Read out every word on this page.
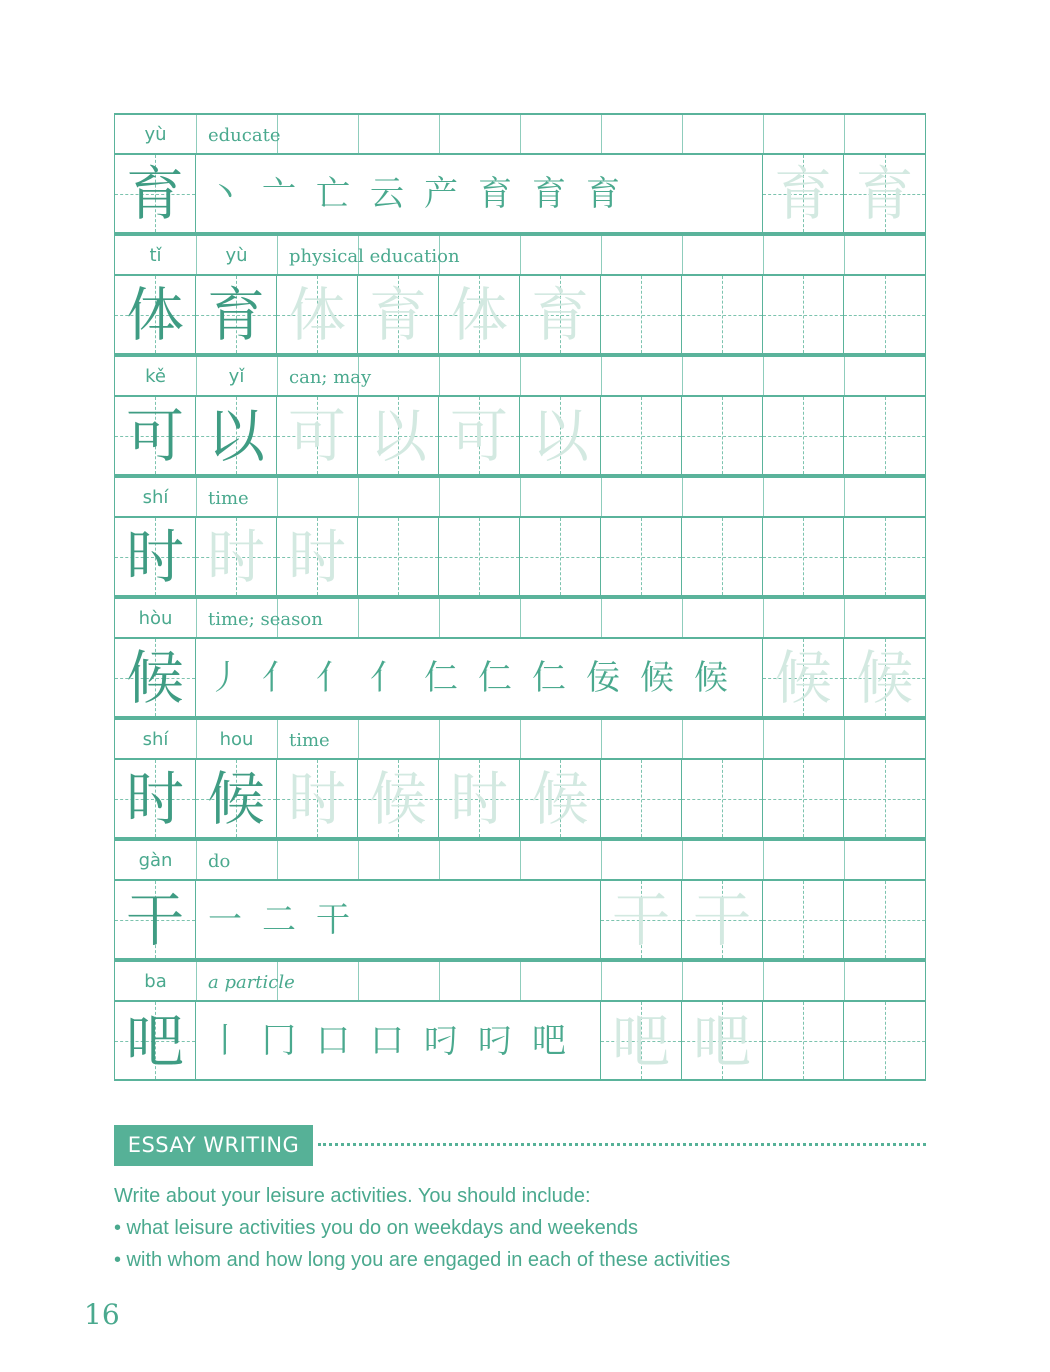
yù	educate
育 丶 亠 亡 云 产 育 育 育	育 育
tǐ	yù	physical education
体 育 体 育 体 育
kě	yǐ	can; may
可 以 可 以 可 以
shí	time
时 时 时
hòu	time; season
候 丿 亻 亻 亻 仁 仁 仁 佞 候 候 候 候
shí	hou	time
时 候 时 候 时 候
gàn	do
干 一 二 干	干 干
ba	a particle
吧 丨 冂 口 口 叼 叼 吧 吧 吧
ESSAY WRITING
Write about your leisure activities. You should include:
• what leisure activities you do on weekdays and weekends
• with whom and how long you are engaged in each of these activities
16
